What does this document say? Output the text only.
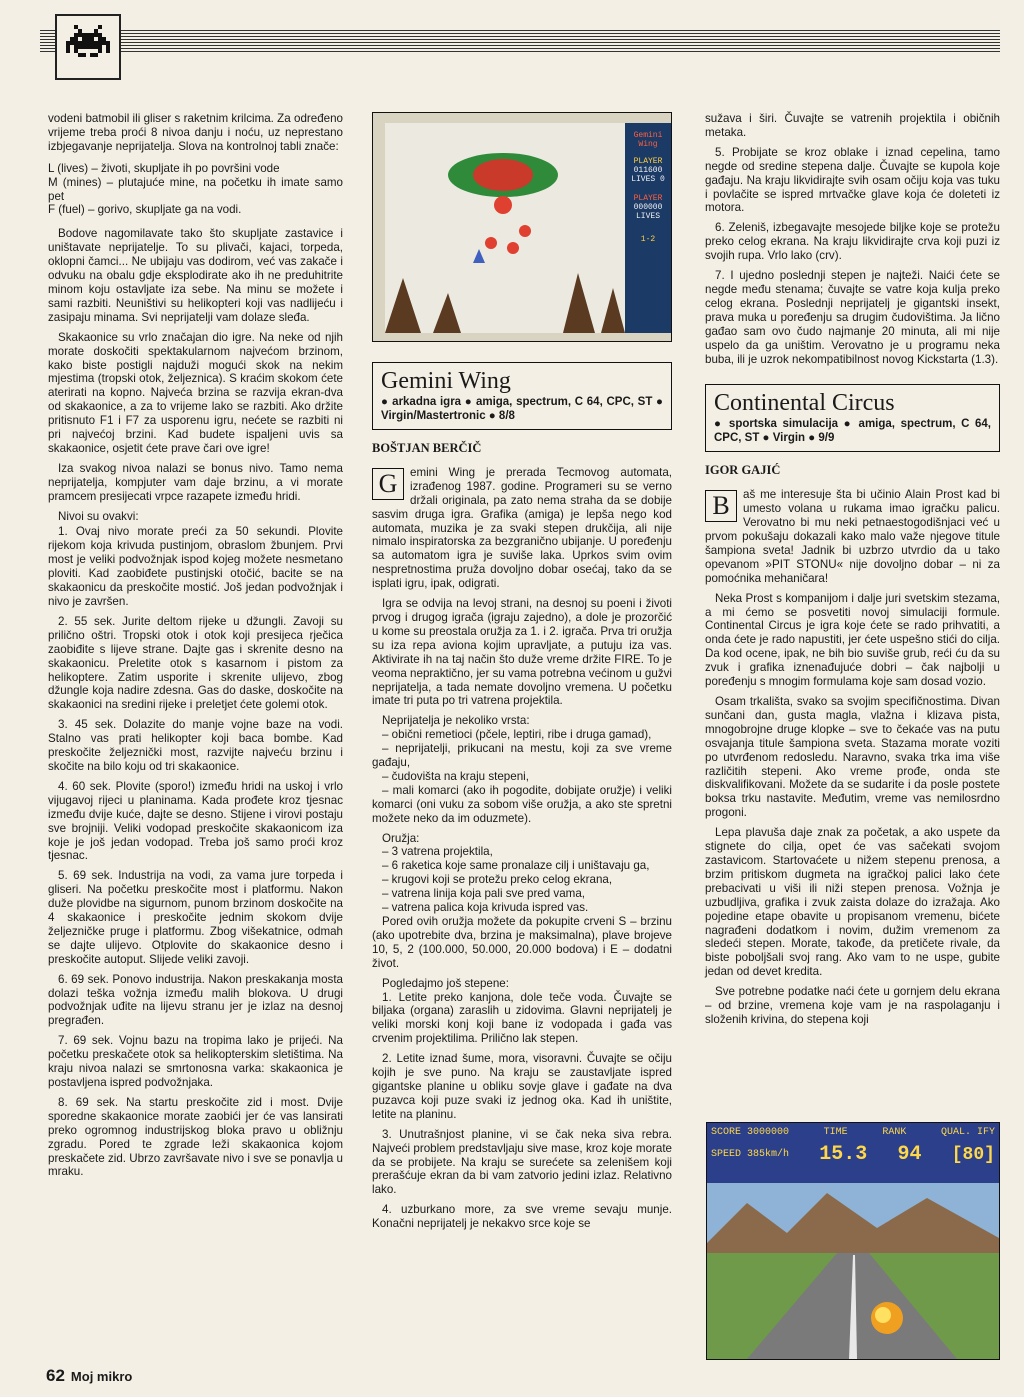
vodeni batmobil ili gliser s raketnim krilcima. Za određeno vrijeme treba proći 8 nivoa danju i noću, uz neprestano izbjegavanje neprijatelja. Slova na kontrolnoj tabli znače:

L (lives) – životi, skupljate ih po površini vode

M (mines) – plutajuće mine, na početku ih imate samo pet

F (fuel) – gorivo, skupljate ga na vodi.

Bodove nagomilavate tako što skupljate zastavice i uništavate neprijatelje. To su plivači, kajaci, torpeda, oklopni čamci... Ne ubijaju vas dodirom, već vas zakače i odvuku na obalu gdje eksplodirate ako ih ne preduhitrite minom koju ostavljate iza sebe. Na minu se možete i sami razbiti. Neuništivi su helikopteri koji vas nadlijeću i zasipaju minama. Svi neprijatelji vam dolaze sleđa.

Skakaonice su vrlo značajan dio igre. Na neke od njih morate doskočiti spektakularnom najvećom brzinom, kako biste postigli najduži mogući skok na nekim mjestima (tropski otok, željeznica). S kraćim skokom ćete aterirati na kopno. Najveća brzina se razvija ekran-dva od skakaonice, a za to vrijeme lako se razbiti. Ako držite pritisnuto F1 i F7 za usporenu igru, nećete se razbiti ni pri najvećoj brzini. Kad budete ispaljeni uvis sa skakaonice, osjetit ćete prave čari ove igre!

Iza svakog nivoa nalazi se bonus nivo. Tamo nema neprijatelja, kompjuter vam daje brzinu, a vi morate pramcem presijecati vrpce razapete između hridi.

Nivoi su ovakvi:

1. Ovaj nivo morate preći za 50 sekundi. Plovite rijekom koja krivuda pustinjom, obraslom žbunjem. Prvi most je veliki podvožnjak ispod kojeg možete nesmetano ploviti. Kad zaobiđete pustinjski otočić, bacite se na skakaonicu da preskočite mostić. Još jedan podvožnjak i nivo je završen.

2. 55 sek. Jurite deltom rijeke u džungli. Zavoji su prilično oštri. Tropski otok i otok koji presijeca rječica zaobiđite s lijeve strane. Dajte gas i skrenite desno na skakaonicu. Preletite otok s kasarnom i pistom za helikoptere. Zatim usporite i skrenite ulijevo, zbog džungle koja nadire zdesna. Gas do daske, doskočite na skakaonici na sredini rijeke i preletjet ćete golemi otok.

3. 45 sek. Dolazite do manje vojne baze na vodi. Stalno vas prati helikopter koji baca bombe. Kad preskočite željeznički most, razvijte najveću brzinu i skočite na bilo koju od tri skakaonice.

4. 60 sek. Plovite (sporo!) između hridi na uskoj i vrlo vijugavoj rijeci u planinama. Kada prođete kroz tjesnac između dvije kuće, dajte se desno. Stijene i virovi postaju sve brojniji. Veliki vodopad preskočite skakaonicom iza koje je još jedan vodopad. Treba još samo proći kroz tjesnac.

5. 69 sek. Industrija na vodi, za vama jure torpeda i gliseri. Na početku preskočite most i platformu. Nakon duže plovidbe na sigurnom, punom brzinom doskočite na 4 skakaonice i preskočite jednim skokom dvije željezničke pruge i platformu. Zbog višekatnice, odmah se dajte ulijevo. Otplovite do skakaonice desno i preskočite autoput. Slijede veliki zavoji.

6. 69 sek. Ponovo industrija. Nakon preskakanja mosta dolazi teška vožnja između malih blokova. U drugi podvožnjak uđite na lijevu stranu jer je izlaz na desnoj pregrađen.

7. 69 sek. Vojnu bazu na tropima lako je prijeći. Na početku preskačete otok sa helikopterskim sletištima. Na kraju nivoa nalazi se smrtonosna varka: skakaonica je postavljena ispred podvožnjaka.

8. 69 sek. Na startu preskočite zid i most. Dvije sporedne skakaonice morate zaobići jer će vas lansirati preko ogromnog industrijskog bloka pravo u obližnju zgradu. Pored te zgrade leži skakaonica kojom preskačete zid. Ubrzo završavate nivo i sve se ponavlja u mraku.

Gemini
Wing
PLAYER
011600
LIVES 0
PLAYER
000000
LIVES
1-2
Gemini Wing
● arkadna igra ● amiga, spectrum, C 64, CPC, ST ● Virgin/Mastertronic ● 8/8
BOŠTJAN BERČIČ
G	emini Wing je prerada Tecmovog automata, izrađenog 1987. godine. Programeri su se verno držali originala, pa zato nema straha da se dobije sasvim druga igra. Grafika (amiga) je lepša nego kod automata, muzika je za svaki stepen drukčija, ali nije nimalo inspiratorska za bezgranično ubijanje. U poređenju sa automatom igra je suviše laka. Uprkos svim ovim nespretnostima pruža dovoljno dobar osećaj, tako da se isplati igru, ipak, odigrati.

Igra se odvija na levoj strani, na desnoj su poeni i životi prvog i drugog igrača (igraju zajedno), a dole je prozorčić u kome su preostala oružja za 1. i 2. igrača. Prva tri oružja su iza repa aviona kojim upravljate, a putuju iza vas. Aktivirate ih na taj način što duže vreme držite FIRE. To je veoma nepraktično, jer su vama potrebna većinom u gužvi neprijatelja, a tada nemate dovoljno vremena. U početku imate tri puta po tri vatrena projektila.

Neprijatelja je nekoliko vrsta:

– obični remetioci (pčele, leptiri, ribe i druga gamad),

– neprijatelji, prikucani na mestu, koji za sve vreme gađaju,

– čudovišta na kraju stepeni,

– mali komarci (ako ih pogodite, dobijate oružje) i veliki komarci (oni vuku za sobom više oružja, a ako ste spretni možete neko da im oduzmete).

Oružja:

– 3 vatrena projektila,

– 6 raketica koje same pronalaze cilj i uništavaju ga,

– krugovi koji se protežu preko celog ekrana,

– vatrena linija koja pali sve pred vama,

– vatrena palica koja krivuda ispred vas.

Pored ovih oružja možete da pokupite crveni S – brzinu (ako upotrebite dva, brzina je maksimalna), plave brojeve 10, 5, 2 (100.000, 50.000, 20.000 bodova) i E – dodatni život.

Pogledajmo još stepene:

1. Letite preko kanjona, dole teče voda. Čuvajte se biljaka (organa) zaraslih u zidovima. Glavni neprijatelj je veliki morski konj koji bane iz vodopada i gađa vas crvenim projektilima. Prilično lak stepen.

2. Letite iznad šume, mora, visoravni. Čuvajte se očiju kojih je sve puno. Na kraju se zaustavljate ispred gigantske planine u obliku sovje glave i gađate na dva puzavca koji puze svaki iz jednog oka. Kad ih uništite, letite na planinu.

3. Unutrašnjost planine, vi se čak neka siva rebra. Najveći problem predstavljaju sive mase, kroz koje morate da se probijete. Na kraju se surećete sa zelenišem koji prerašćuje ekran da bi vam zatvorio jedini izlaz. Relativno lako.

4. uzburkano more, za sve vreme sevaju munje. Konačni neprijatelj je nekakvo srce koje se

sužava i širi. Čuvajte se vatrenih projektila i običnih metaka.

5. Probijate se kroz oblake i iznad cepelina, tamo negde od sredine stepena dalje. Čuvajte se kupola koje gađaju. Na kraju likvidirajte svih osam očiju koja vas tuku i povlačite se ispred mrtvačke glave koja će doleteti iz motora.

6. Zeleniš, izbegavajte mesojede biljke koje se protežu preko celog ekrana. Na kraju likvidirajte crva koji puzi iz svojih rupa. Vrlo lako (crv).

7. I ujedno poslednji stepen je najteži. Naići ćete se negde među stenama; čuvajte se vatre koja kulja preko celog ekrana. Poslednji neprijatelj je gigantski insekt, prava muka u poređenju sa drugim čudovištima. Ja lično gađao sam ovo čudo najmanje 20 minuta, ali mi nije uspelo da ga uništim. Verovatno je u programu neka buba, ili je uzrok nekompatibilnost novog Kickstarta (1.3).

Continental Circus
● sportska simulacija ● amiga, spectrum, C 64, CPC, ST ● Virgin ● 9/9
IGOR GAJIĆ
B	aš me interesuje šta bi učinio Alain Prost kad bi umesto volana u rukama imao igračku palicu. Verovatno bi mu neki petnaestogodišnjaci već u prvom pokušaju dokazali kako malo važe njegove titule šampiona sveta! Jadnik bi uzbrzo utvrdio da u tako opevanom »PIT STONU« nije dovoljno dobar – ni za pomoćnika mehaničara!

Neka Prost s kompanijom i dalje juri svetskim stezama, a mi ćemo se posvetiti novoj simulaciji formule. Continental Circus je igra koje ćete se rado prihvatiti, a onda ćete je rado napustiti, jer ćete uspešno stići do cilja. Da kod ocene, ipak, ne bih bio suviše grub, reći ću da su zvuk i grafika iznenađujuće dobri – čak najbolji u poređenju s mnogim formulama koje sam dosad vozio.

Osam trkališta, svako sa svojim specifičnostima. Divan sunčani dan, gusta magla, vlažna i klizava pista, mnogobrojne druge klopke – sve to čekaće vas na putu osvajanja titule šampiona sveta. Stazama morate voziti po utvrđenom redosledu. Naravno, svaka trka ima više različitih stepeni. Ako vreme prođe, onda ste diskvalifikovani. Možete da se sudarite i da posle postete boksa trku nastavite. Međutim, vreme vas nemilosrdno progoni.

Lepa plavuša daje znak za početak, a ako uspete da stignete do cilja, opet će vas sačekati svojom zastavicom. Startovaćete u nižem stepenu prenosa, a brzim pritiskom dugmeta na igračkoj palici lako ćete prebacivati u viši ili niži stepen prenosa. Vožnja je uzbudljiva, grafika i zvuk zaista dolaze do izražaja. Ako pojedine etape obavite u propisanom vremenu, bićete nagrađeni dodatkom i novim, dužim vremenom za sledeći stepen. Morate, takođe, da pretičete rivale, da biste poboljšali svoj rang. Ako vam to ne uspe, gubite jedan od devet kredita.

Sve potrebne podatke naći ćete u gornjem delu ekrana – od brzine, vremena koje vam je na raspolaganju i složenih krivina, do stepena koji

SCORE 3000000	TIME	RANK	QUAL. IFY
SPEED 385km/h 15.3 94 [80]
62 Moj mikro
